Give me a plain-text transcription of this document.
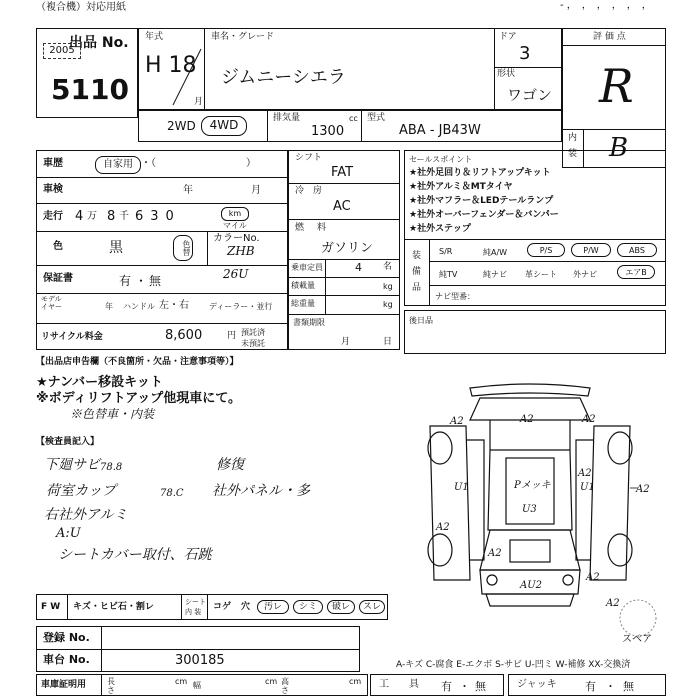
（複合機）対応用紙	- ，　，　，　，　，　，
出品 No.
2005
5110
年式
H 18
月
車名・グレード
ジムニーシエラ
ドア
3
形状
ワゴン
評 価 点
R
内
装 B
2WD	4WD	排気量	cc
1300
型式
ABA - JB43W
車歴	自家用 ・（　　　　　　　　　）
車検	年	月
走行 4 万 8 千 630	km
マイル
色	黒	色替
カラーNo.
ZHB
26U
保証書	有 ・ 無
モデル
イヤー	年 ハンドル 左・右	ディーラー・並行
リサイクル料金	8,600	円 預託済
未預託
シフト
FAT
冷　房
AC
燃 料
ガソリン
乗車定員	4 名
積載量	kg
総重量	kg
書類期限
月	日
セールスポイント
★社外足回り＆リフトアップキット
★社外アルミ＆MTタイヤ
★社外マフラー＆LEDテールランプ
★社外オーバーフェンダー＆バンパー
★社外ステップ
装
備
品
S/R	純A/W	P/S	P/W	ABS
純TV	純ナビ 革シート 外ナビ	エアB
ナビ型番：
後日品
【出品店申告欄（不良箇所・欠品・注意事項等）】
★ナンバー移設キット
※ボディリフトアップ他現車にて。
※色替車・内装
【検査員記入】
下廻サビ
荷室カップ
右社外アルミ
A:U
シートカバー取付、石跳
修復
社外パネル・多
78.8
78.C
A2	A2	A2
U1	U1
A2
A2
A2
U3
Pメッキ
A2
AU2
A2
A2
スペア
F W キズ・ヒビ石・割レ	シート
内 装 コゲ 穴	汚レ	シミ	破レ	スレ
登録 No.
車台 No.	300185	A-キズ C-腐食 E-エクボ S-サビ U-凹ミ W-補修 XX-交換済
車庫証明用	長
さ
cm 幅	cm 高
さ
cm 工　　具 有 ・ 無	ジャッキ	有 ・ 無
